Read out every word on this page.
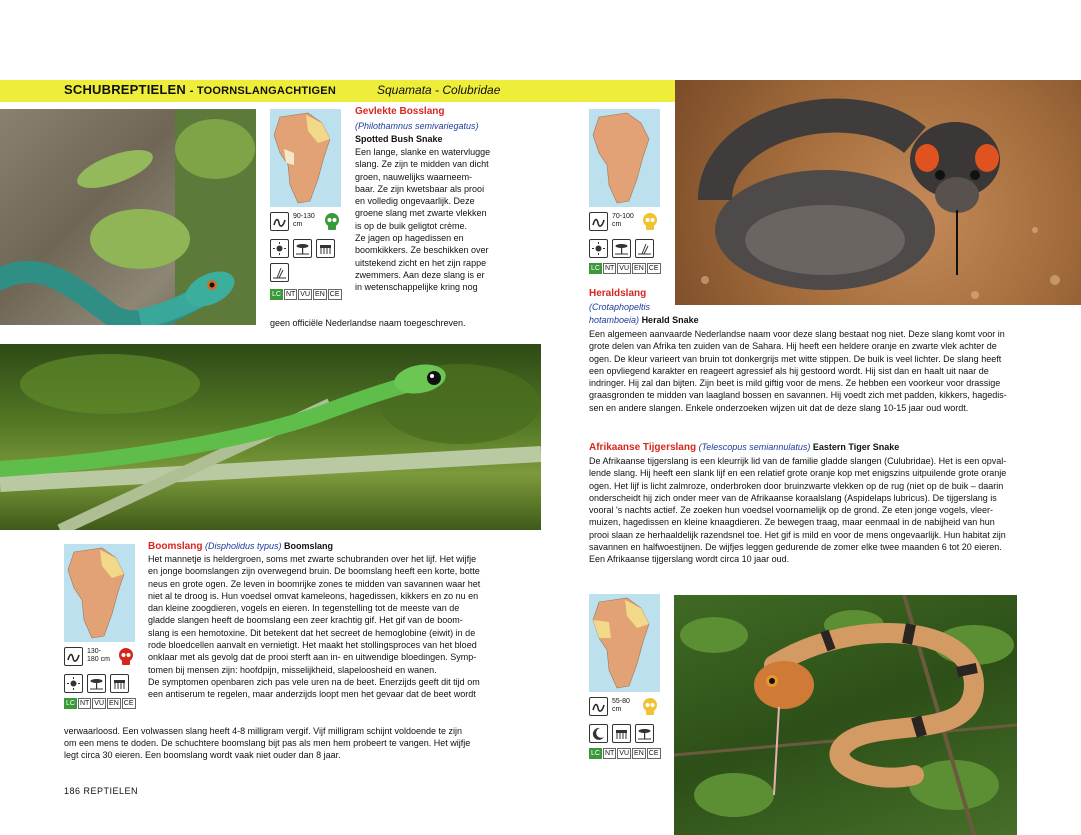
SCHUBREPTIELEN - TOORNSLANGACHTIGEN	Squamata - Colubridae
90-130
cm
LC NT VU EN CE
Gevlekte Bosslang
(Philothamnus semivariegatus)
Spotted Bush Snake
Een lange, slanke en watervlugge
slang. Ze zijn te midden van dicht
groen, nauwelijks waarneem-
baar. Ze zijn kwetsbaar als prooi
en volledig ongevaarlijk. Deze
groene slang met zwarte vlekken
is op de buik geligtot crème.
Ze jagen op hagedissen en
boomkikkers. Ze beschikken over
uitstekend zicht en het zijn rappe
zwemmers. Aan deze slang is er
in wetenschappelijke kring nog
geen officiële Nederlandse naam toegeschreven.
130-
180 cm
LC NT VU EN CE
Boomslang (Dispholidus typus) Boomslang
Het mannetje is heldergroen, soms met zwarte schubranden over het lijf. Het wijfje
en jonge boomslangen zijn overwegend bruin. De boomslang heeft een korte, botte
neus en grote ogen. Ze leven in boomrijke zones te midden van savannen waar het
niet al te droog is. Hun voedsel omvat kameleons, hagedissen, kikkers en zo nu en
dan kleine zoogdieren, vogels en eieren. In tegenstelling tot de meeste van de
gladde slangen heeft de boomslang een zeer krachtig gif. Het gif van de boom-
slang is een hemotoxine. Dit betekent dat het secreet de hemoglobine (eiwit) in de
rode bloedcellen aanvalt en vernietigt. Het maakt het stollingsproces van het bloed
onklaar met als gevolg dat de prooi sterft aan in- en uitwendige bloedingen. Symp-
tomen bij mensen zijn: hoofdpijn, misselijkheid, slapeloosheid en wanen.
De symptomen openbaren zich pas vele uren na de beet. Enerzijds geeft dit tijd om
een antiserum te regelen, maar anderzijds loopt men het gevaar dat de beet wordt
verwaarloosd. Een volwassen slang heeft 4-8 milligram vergif. Vijf milligram schijnt voldoende te zijn
om een mens te doden. De schuchtere boomslang bijt pas als men hem probeert te vangen. Het wijfje
legt circa 30 eieren. Een boomslang wordt vaak niet ouder dan 8 jaar.
186 REPTIELEN
70-100
cm
LC NT VU EN CE
Heraldslang
(Crotaphopeltis
hotamboeia) Herald Snake
Een algemeen aanvaarde Nederlandse naam voor deze slang bestaat nog niet. Deze slang komt voor in
grote delen van Afrika ten zuiden van de Sahara. Hij heeft een heldere oranje en zwarte vlek achter de
ogen. De kleur varieert van bruin tot donkergrijs met witte stippen. De buik is veel lichter. De slang heeft
een opvliegend karakter en reageert agressief als hij gestoord wordt. Hij sist dan en haalt uit naar de
indringer. Hij zal dan bijten. Zijn beet is mild giftig voor de mens. Ze hebben een voorkeur voor drassige
graasgronden te midden van laagland bossen en savannen. Hij voedt zich met padden, kikkers, hagedis-
sen en andere slangen. Enkele onderzoeken wijzen uit dat de deze slang 10-15 jaar oud wordt.
Afrikaanse Tijgerslang (Telescopus semiannulatus) Eastern Tiger Snake
De Afrikaanse tijgerslang is een kleurrijk lid van de familie gladde slangen (Culubridae). Het is een opval-
lende slang. Hij heeft een slank lijf en een relatief grote oranje kop met enigszins uitpuilende grote oranje
ogen. Het lijf is licht zalmroze, onderbroken door bruinzwarte vlekken op de rug (niet op de buik – daarin
onderscheidt hij zich onder meer van de Afrikaanse koraalslang (Aspidelaps lubricus). De tijgerslang is
vooral 's nachts actief. Ze zoeken hun voedsel voornamelijk op de grond. Ze eten jonge vogels, vleer-
muizen, hagedissen en kleine knaagdieren. Ze bewegen traag, maar eenmaal in de nabijheid van hun
prooi slaan ze herhaaldelijk razendsnel toe. Het gif is mild en voor de mens ongevaarlijk. Hun habitat zijn
savannen en halfwoestijnen. De wijfjes leggen gedurende de zomer elke twee maanden 6 tot 20 eieren.
Een Afrikaanse tijgerslang wordt circa 10 jaar oud.
55-80
cm
LC NT VU EN CE
